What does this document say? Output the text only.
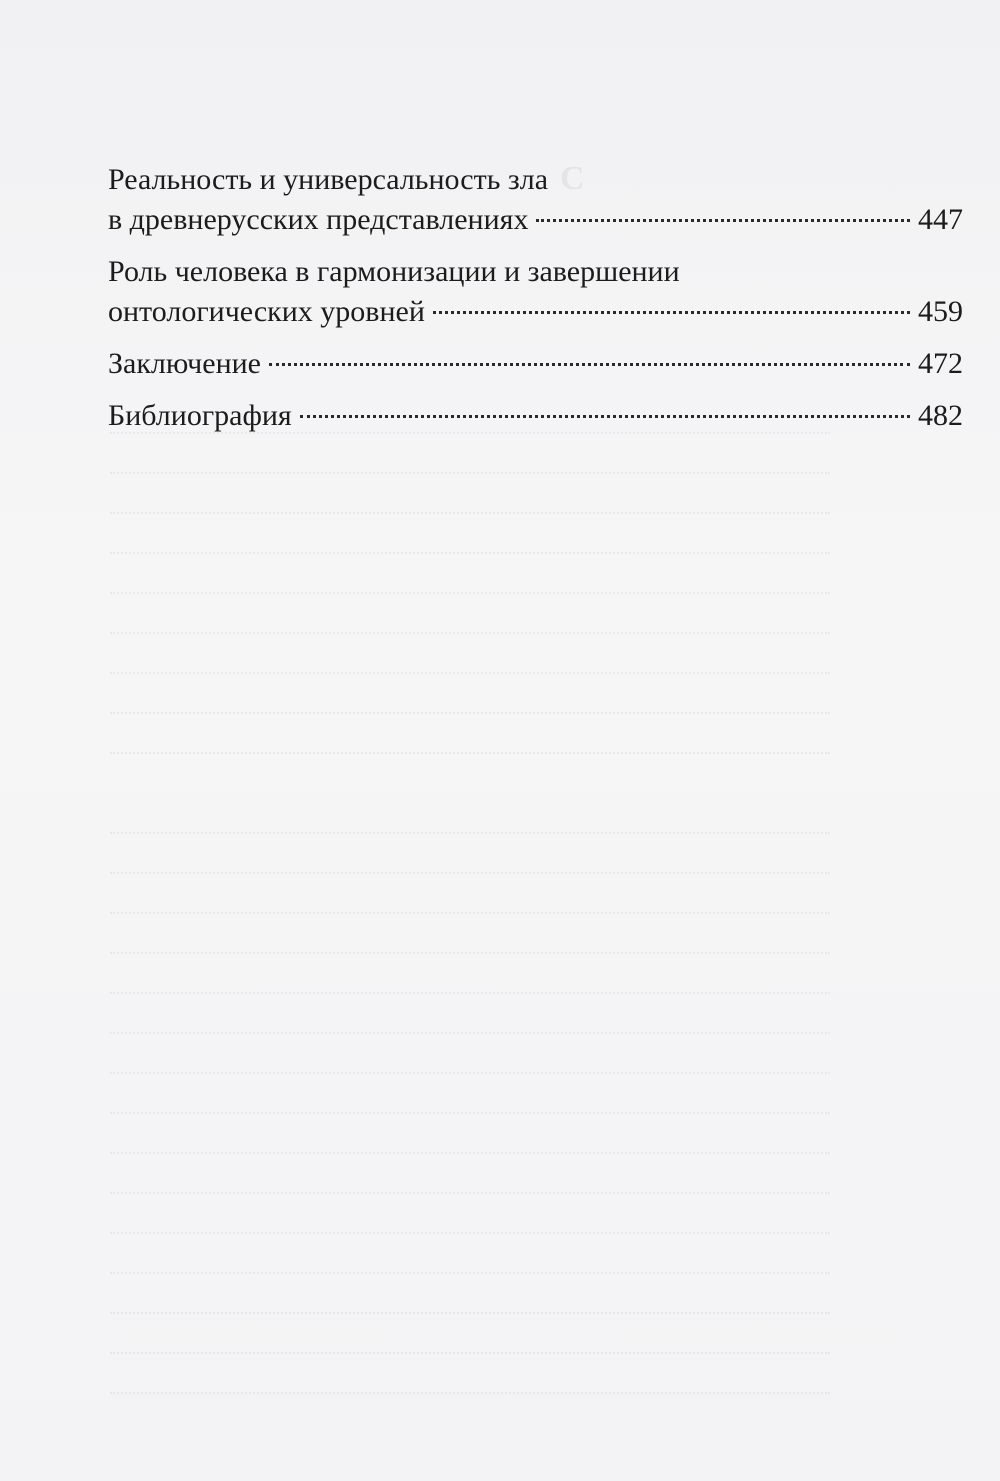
С
Реальность и универсальность зла
в древнерусских представлениях	447
Роль человека в гармонизации и завершении
онтологических уровней	459
Заключение	472
Библиография	482
